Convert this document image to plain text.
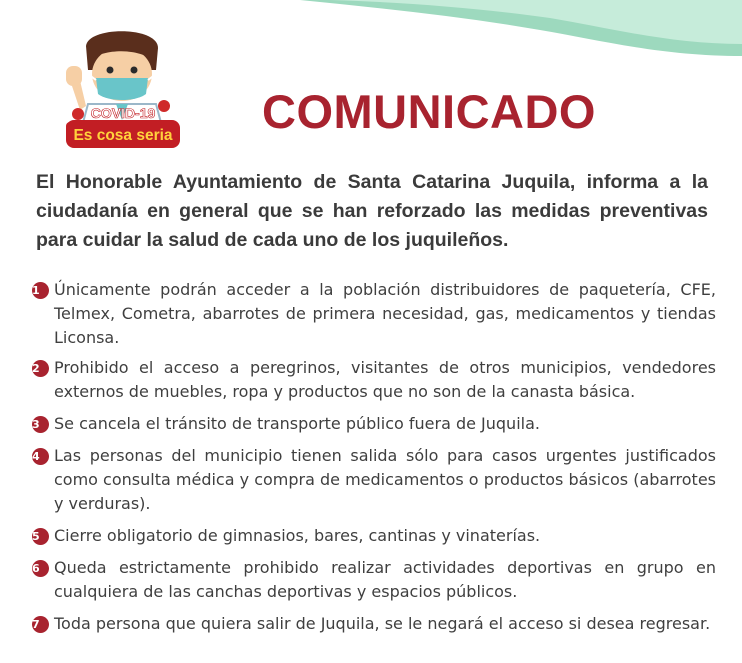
COVID-19
Es cosa seria COMUNICADO

El Honorable Ayuntamiento de Santa Catarina Juquila, informa a la ciudadanía en general que se han reforzado las medidas preventivas para cuidar la salud de cada uno de los juquileños.

1 Únicamente podrán acceder a la población distribuidores de paquetería, CFE, Telmex, Cometra, abarrotes de primera necesidad, gas, medicamentos y tiendas Liconsa.
2 Prohibido el acceso a peregrinos, visitantes de otros municipios, vendedores externos de muebles, ropa y productos que no son de la canasta básica.
3 Se cancela el tránsito de transporte público fuera de Juquila.
4 Las personas del municipio tienen salida sólo para casos urgentes justificados como consulta médica y compra de medicamentos o productos básicos (abarrotes y verduras).
5 Cierre obligatorio de gimnasios, bares, cantinas y vinaterías.
6 Queda estrictamente prohibido realizar actividades deportivas en grupo en cualquiera de las canchas deportivas y espacios públicos.
7 Toda persona que quiera salir de Juquila, se le negará el acceso si desea regresar.
